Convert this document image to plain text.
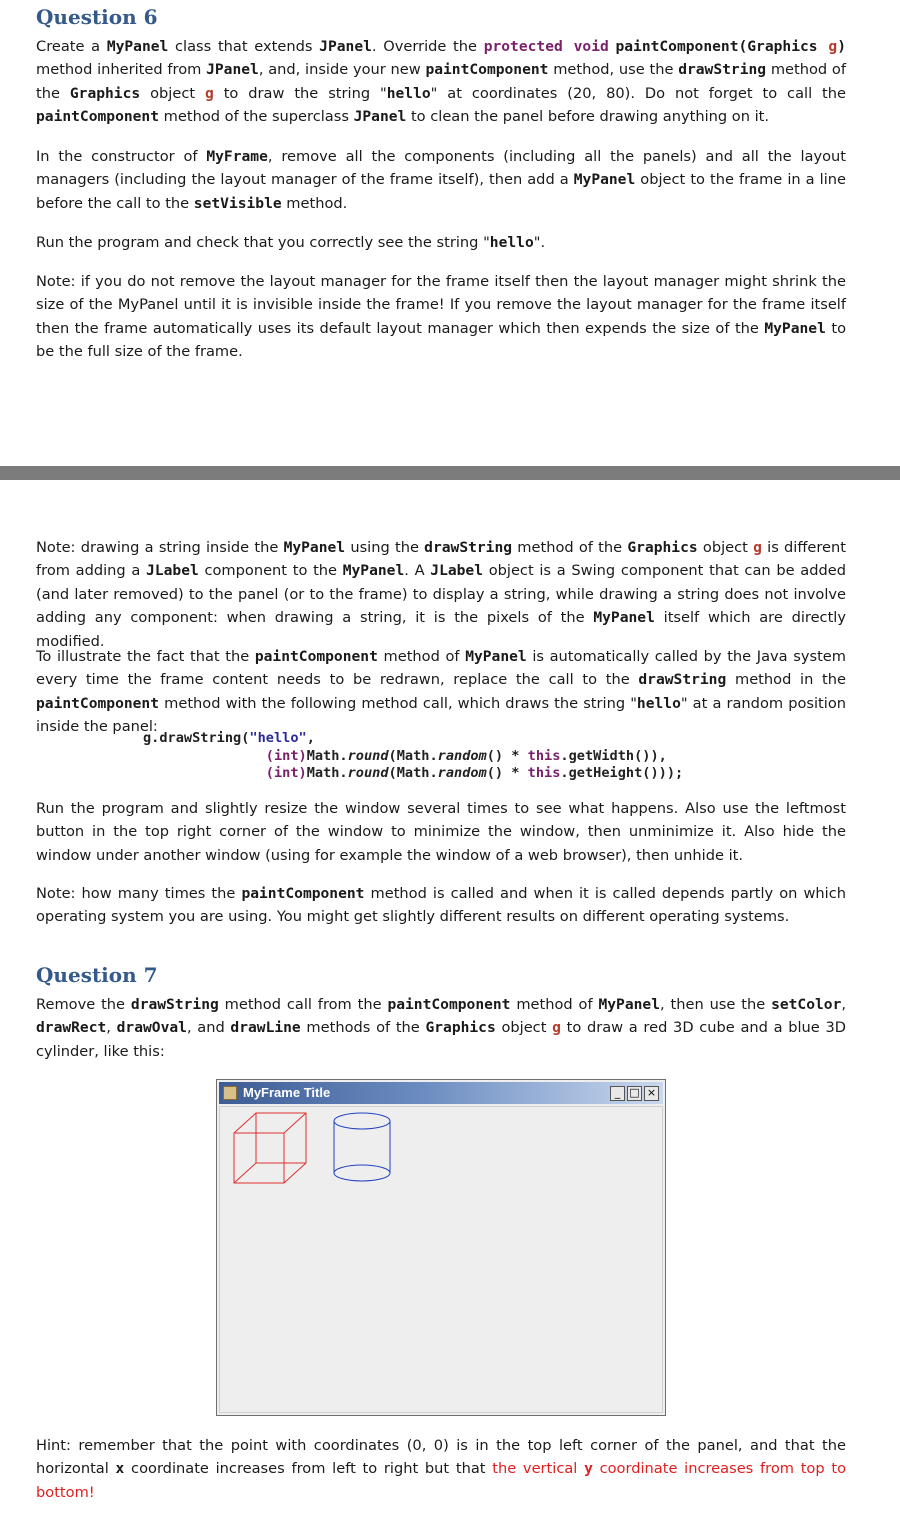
Question 6
Create a MyPanel class that extends JPanel. Override the protected void paintComponent(Graphics g) method inherited from JPanel, and, inside your new paintComponent method, use the drawString method of the Graphics object g to draw the string "hello" at coordinates (20, 80). Do not forget to call the paintComponent method of the superclass JPanel to clean the panel before drawing anything on it.
In the constructor of MyFrame, remove all the components (including all the panels) and all the layout managers (including the layout manager of the frame itself), then add a MyPanel object to the frame in a line before the call to the setVisible method.
Run the program and check that you correctly see the string "hello".
Note: if you do not remove the layout manager for the frame itself then the layout manager might shrink the size of the MyPanel until it is invisible inside the frame! If you remove the layout manager for the frame itself then the frame automatically uses its default layout manager which then expends the size of the MyPanel to be the full size of the frame.
Note: drawing a string inside the MyPanel using the drawString method of the Graphics object g is different from adding a JLabel component to the MyPanel. A JLabel object is a Swing component that can be added (and later removed) to the panel (or to the frame) to display a string, while drawing a string does not involve adding any component: when drawing a string, it is the pixels of the MyPanel itself which are directly modified.
To illustrate the fact that the paintComponent method of MyPanel is automatically called by the Java system every time the frame content needs to be redrawn, replace the call to the drawString method in the paintComponent method with the following method call, which draws the string "hello" at a random position inside the panel:
g.drawString("hello",
(int)Math.round(Math.random() * this.getWidth()),
(int)Math.round(Math.random() * this.getHeight()));
Run the program and slightly resize the window several times to see what happens. Also use the leftmost button in the top right corner of the window to minimize the window, then unminimize it. Also hide the window under another window (using for example the window of a web browser), then unhide it.
Note: how many times the paintComponent method is called and when it is called depends partly on which operating system you are using. You might get slightly different results on different operating systems.
Question 7
Remove the drawString method call from the paintComponent method of MyPanel, then use the setColor, drawRect, drawOval, and drawLine methods of the Graphics object g to draw a red 3D cube and a blue 3D cylinder, like this:
MyFrame Title	_ □ ×
Hint: remember that the point with coordinates (0, 0) is in the top left corner of the panel, and that the horizontal x coordinate increases from left to right but that the vertical y coordinate increases from top to bottom!
